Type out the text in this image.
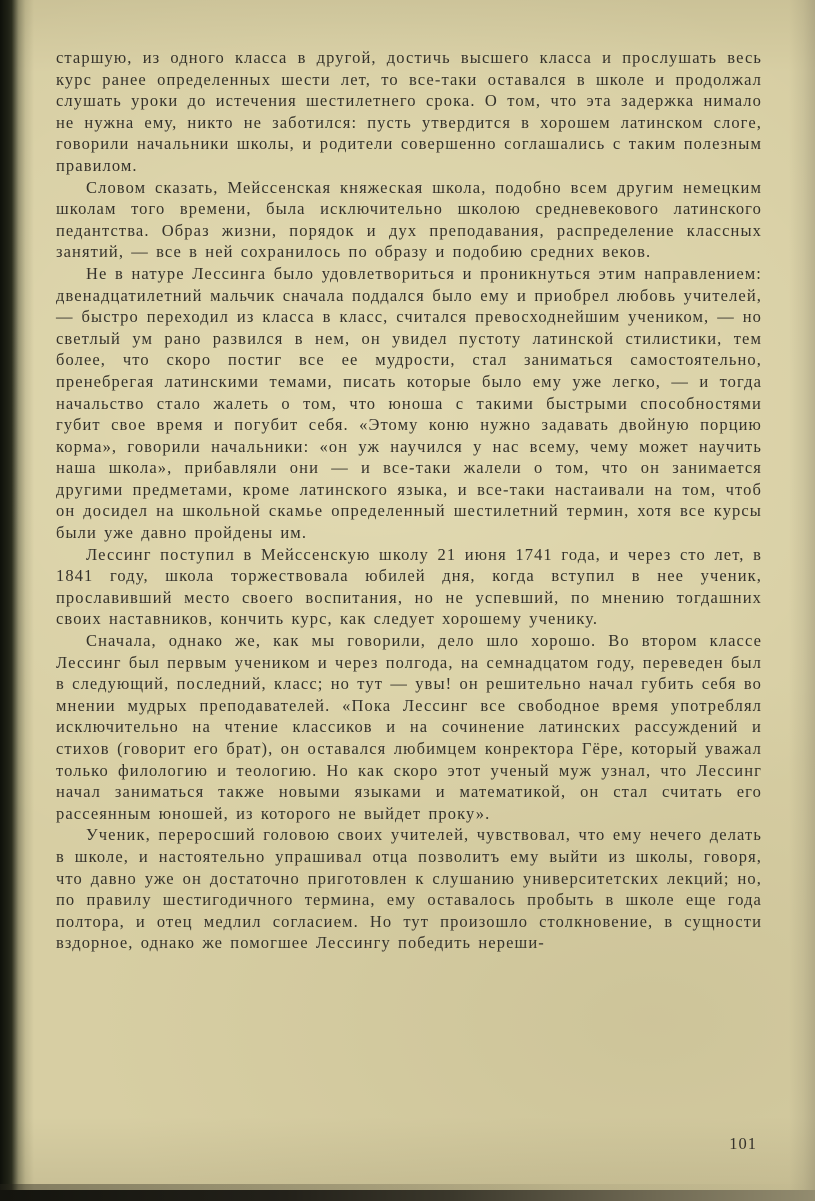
старшую, из одного класса в другой, достичь высшего класса и прослушать весь курс ранее определенных шести лет, то все-таки оставался в школе и продолжал слушать уроки до истечения шестилетнего срока. О том, что эта задержка нимало не нужна ему, никто не заботился: пусть утвердится в хорошем латинском слоге, говорили начальники школы, и родители совершенно соглашались с таким полезным правилом.

Словом сказать, Мейссенская княжеская школа, подобно всем другим немецким школам того времени, была исключительно школою средневекового латинского педантства. Образ жизни, порядок и дух преподавания, распределение классных занятий, — все в ней сохранилось по образу и подобию средних веков.

Не в натуре Лессинга было удовлетвориться и проникнуться этим направлением: двенадцатилетний мальчик сначала поддался было ему и приобрел любовь учителей, — быстро переходил из класса в класс, считался превосходнейшим учеником, — но светлый ум рано развился в нем, он увидел пустоту латинской стилистики, тем более, что скоро постиг все ее мудрости, стал заниматься самостоятельно, пренебрегая латинскими темами, писать которые было ему уже легко, — и тогда начальство стало жалеть о том, что юноша с такими быстрыми способностями губит свое время и погубит себя. «Этому коню нужно задавать двойную порцию корма», говорили начальники: «он уж научился у нас всему, чему может научить наша школа», прибавляли они — и все-таки жалели о том, что он занимается другими предметами, кроме латинского языка, и все-таки настаивали на том, чтоб он досидел на школьной скамье определенный шестилетний термин, хотя все курсы были уже давно пройдены им.

Лессинг поступил в Мейссенскую школу 21 июня 1741 года, и через сто лет, в 1841 году, школа торжествовала юбилей дня, когда вступил в нее ученик, прославивший место своего воспитания, но не успевший, по мнению тогдашних своих наставников, кончить курс, как следует хорошему ученику.

Сначала, однако же, как мы говорили, дело шло хорошо. Во втором классе Лессинг был первым учеником и через полгода, на семнадцатом году, переведен был в следующий, последний, класс; но тут — увы! он решительно начал губить себя во мнении мудрых преподавателей. «Пока Лессинг все свободное время употреблял исключительно на чтение классиков и на сочинение латинских рассуждений и стихов (говорит его брат), он оставался любимцем конректора Гёре, который уважал только филологию и теологию. Но как скоро этот ученый муж узнал, что Лессинг начал заниматься также новыми языками и математикой, он стал считать его рассеянным юношей, из которого не выйдет проку».

Ученик, переросший головою своих учителей, чувствовал, что ему нечего делать в школе, и настоятельно упрашивал отца позволитъ ему выйти из школы, говоря, что давно уже он достаточно приготовлен к слушанию университетских лекций; но, по правилу шестигодичного термина, ему оставалось пробыть в школе еще года полтора, и отец медлил согласием. Но тут произошло столкновение, в сущности вздорное, однако же помогшее Лессингу победить нереши-

101
